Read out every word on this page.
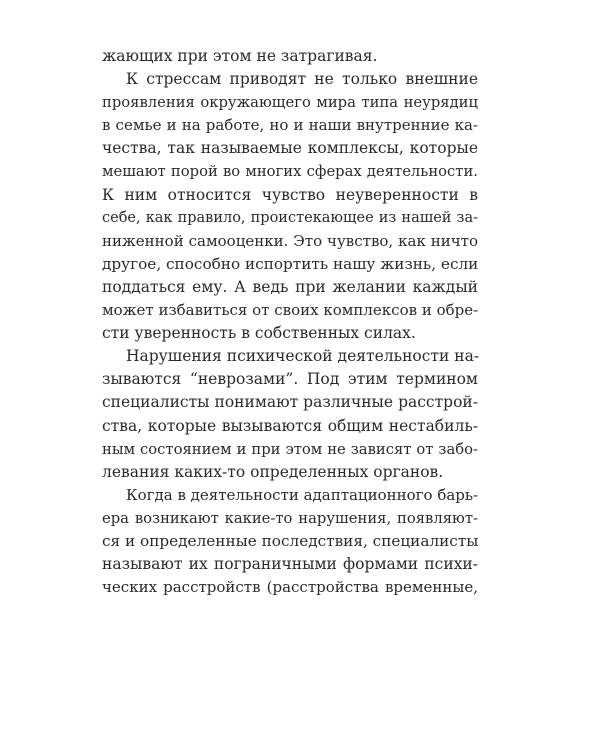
жающих при этом не затрагивая.
К стрессам приводят не только внешние
проявления окружающего мира типа неурядиц
в семье и на работе, но и наши внутренние ка-
чества, так называемые комплексы, которые
мешают порой во многих сферах деятельности.
К ним относится чувство неуверенности в
себе, как правило, проистекающее из нашей за-
ниженной самооценки. Это чувство, как ничто
другое, способно испортить нашу жизнь, если
поддаться ему. А ведь при желании каждый
может избавиться от своих комплексов и обре-
сти уверенность в собственных силах.
Нарушения психической деятельности на-
зываются “неврозами”. Под этим термином
специалисты понимают различные расстрой-
ства, которые вызываются общим нестабиль-
ным состоянием и при этом не зависят от забо-
левания каких-то определенных органов.
Когда в деятельности адаптационного барь-
ера возникают какие-то нарушения, появляют-
ся и определенные последствия, специалисты
называют их пограничными формами психи-
ческих расстройств (расстройства временные,
